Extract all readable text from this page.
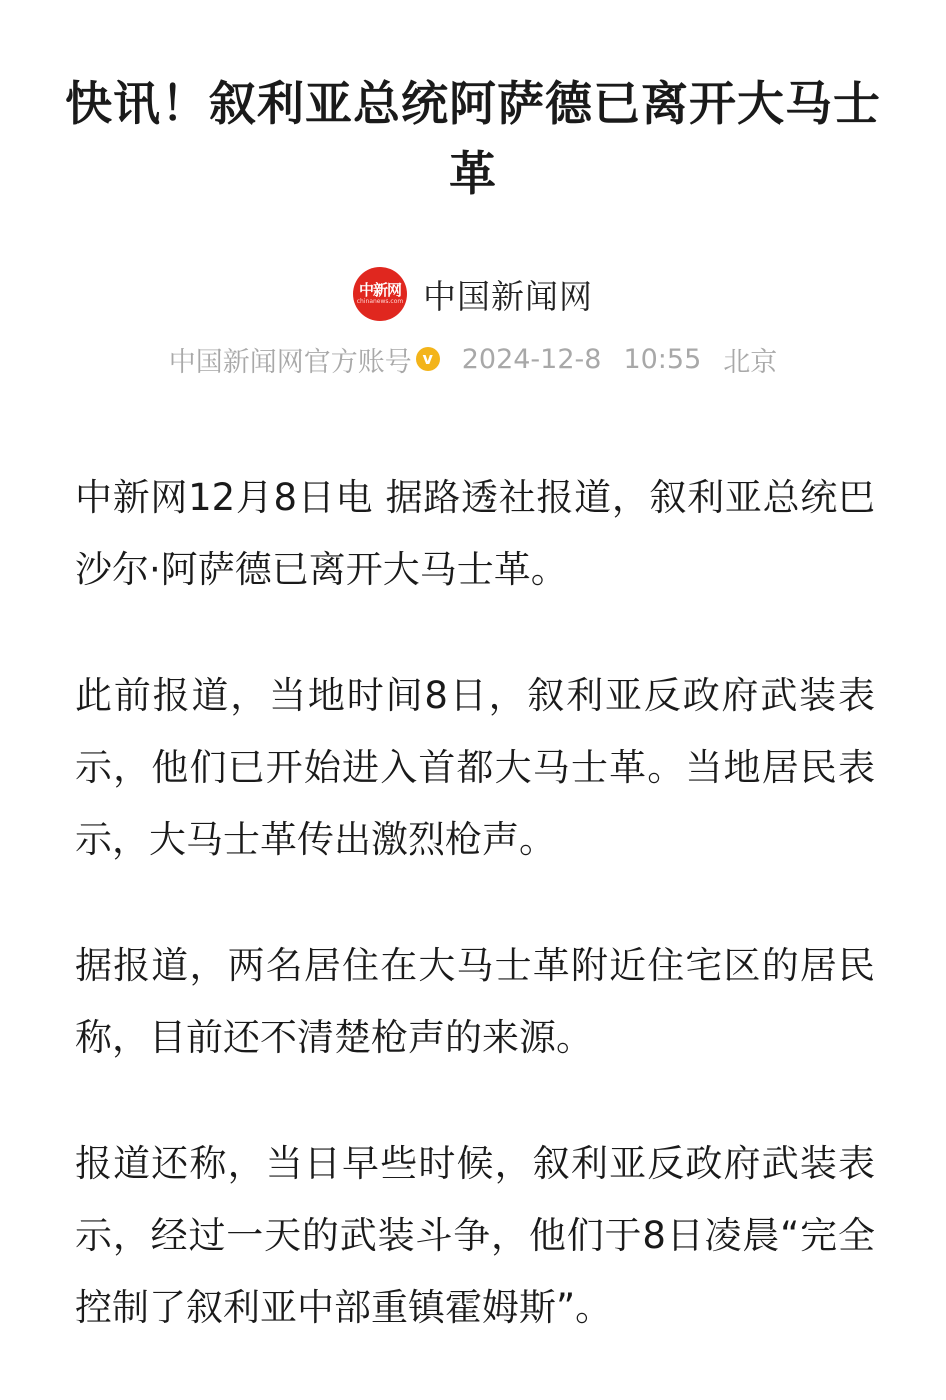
快讯！叙利亚总统阿萨德已离开大马士革
中新网
chinanews.com 中国新闻网
中国新闻网官方账号 v 2024-12-8 10:55 北京

中新网12月8日电 据路透社报道，叙利亚总统巴沙尔·阿萨德已离开大马士革。

此前报道，当地时间8日，叙利亚反政府武装表示，他们已开始进入首都大马士革。当地居民表示，大马士革传出激烈枪声。

据报道，两名居住在大马士革附近住宅区的居民称，目前还不清楚枪声的来源。

报道还称，当日早些时候，叙利亚反政府武装表示，经过一天的武装斗争，他们于8日凌晨“完全控制了叙利亚中部重镇霍姆斯”。
